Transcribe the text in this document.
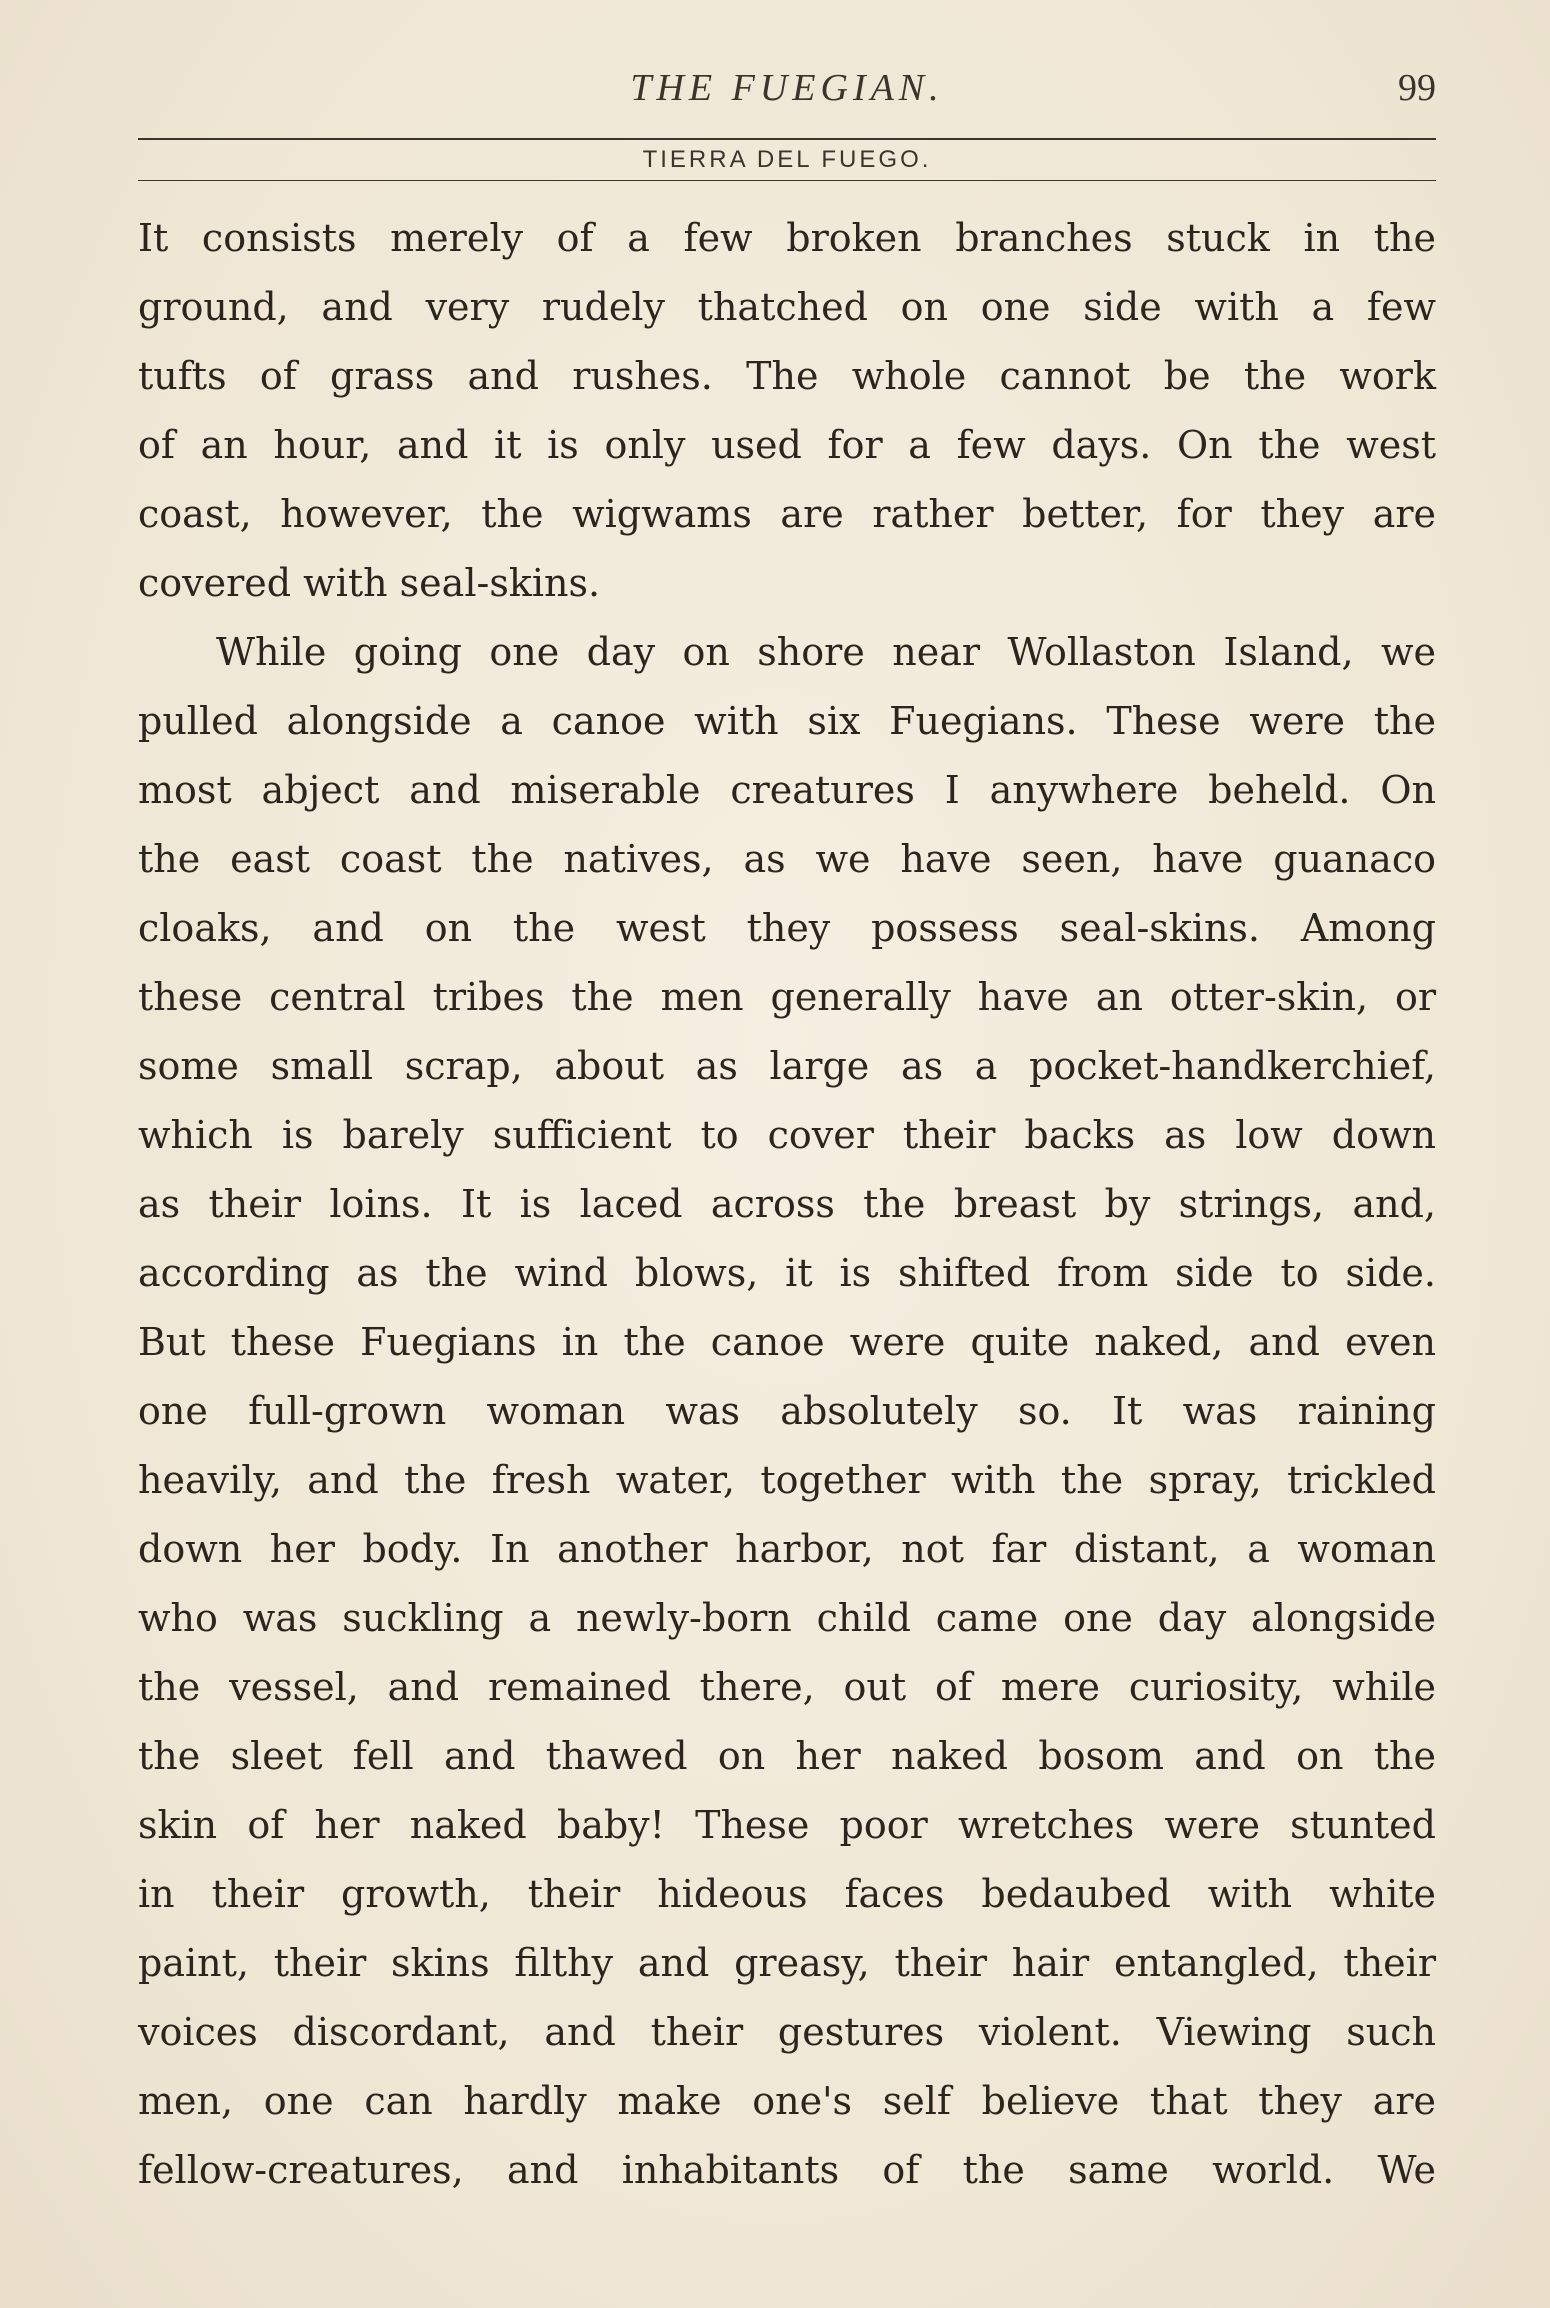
THE FUEGIAN.	99
TIERRA DEL FUEGO.
It consists merely of a few broken branches stuck in the
ground, and very rudely thatched on one side with a few
tufts of grass and rushes. The whole cannot be the work
of an hour, and it is only used for a few days. On the west
coast, however, the wigwams are rather better, for they are
covered with seal-skins.
While going one day on shore near Wollaston Island, we
pulled alongside a canoe with six Fuegians. These were the
most abject and miserable creatures I anywhere beheld. On
the east coast the natives, as we have seen, have guanaco
cloaks, and on the west they possess seal-skins. Among
these central tribes the men generally have an otter-skin, or
some small scrap, about as large as a pocket-handkerchief,
which is barely sufficient to cover their backs as low down
as their loins. It is laced across the breast by strings, and,
according as the wind blows, it is shifted from side to side.
But these Fuegians in the canoe were quite naked, and even
one full-grown woman was absolutely so. It was raining
heavily, and the fresh water, together with the spray, trickled
down her body. In another harbor, not far distant, a woman
who was suckling a newly-born child came one day alongside
the vessel, and remained there, out of mere curiosity, while
the sleet fell and thawed on her naked bosom and on the
skin of her naked baby! These poor wretches were stunted
in their growth, their hideous faces bedaubed with white
paint, their skins filthy and greasy, their hair entangled, their
voices discordant, and their gestures violent. Viewing such
men, one can hardly make one's self believe that they are
fellow-creatures, and inhabitants of the same world. We
